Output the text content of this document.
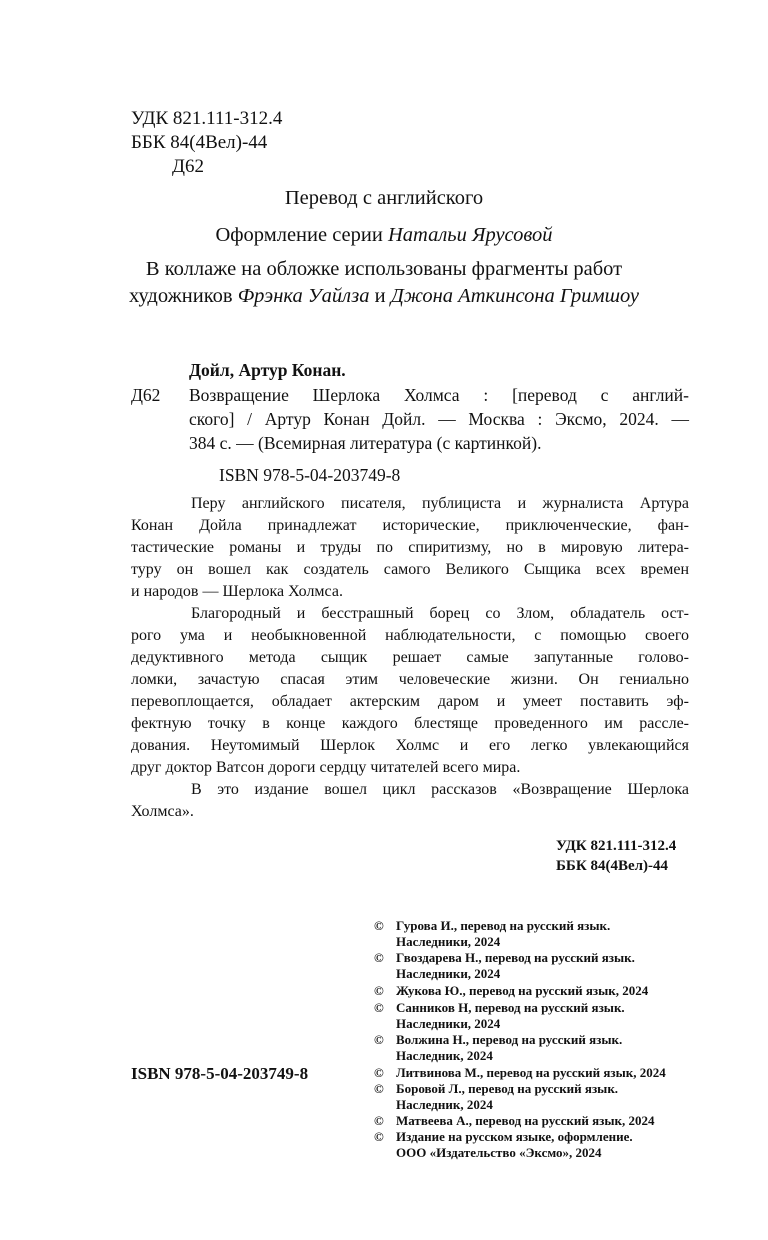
УДК 821.111-312.4
ББК 84(4Вел)-44
Д62
Перевод с английского
Оформление серии Натальи Ярусовой
В коллаже на обложке использованы фрагменты работ
художников Фрэнка Уайлза и Джона Аткинсона Гримшоу
Дойл, Артур Конан.
Д62 Возвращение Шерлока Холмса : [перевод с англий-
ского] / Артур Конан Дойл. — Москва : Эксмо, 2024. —
384 с. — (Всемирная литература (с картинкой).
ISBN 978-5-04-203749-8
Перу английского писателя, публициста и журналиста Артура
Конан Дойла принадлежат исторические, приключенческие, фан-
тастические романы и труды по спиритизму, но в мировую литера-
туру он вошел как создатель самого Великого Сыщика всех времен
и народов — Шерлока Холмса.
Благородный и бесстрашный борец со Злом, обладатель ост-
рого ума и необыкновенной наблюдательности, с помощью своего
дедуктивного метода сыщик решает самые запутанные голово-
ломки, зачастую спасая этим человеческие жизни. Он гениально
перевоплощается, обладает актерским даром и умеет поставить эф-
фектную точку в конце каждого блестяще проведенного им рассле-
дования. Неутомимый Шерлок Холмс и его легко увлекающийся
друг доктор Ватсон дороги сердцу читателей всего мира.
В это издание вошел цикл рассказов «Возвращение Шерлока
Холмса».
УДК 821.111-312.4
ББК 84(4Вел)-44
© Гурова И., перевод на русский язык.
Наследники, 2024
© Гвоздарева Н., перевод на русский язык.
Наследники, 2024
© Жукова Ю., перевод на русский язык, 2024
© Санников Н, перевод на русский язык.
Наследники, 2024
© Волжина Н., перевод на русский язык.
Наследник, 2024
© Литвинова М., перевод на русский язык, 2024
© Боровой Л., перевод на русский язык.
Наследник, 2024
© Матвеева А., перевод на русский язык, 2024
© Издание на русском языке, оформление.
ООО «Издательство «Эксмо», 2024
ISBN 978-5-04-203749-8
